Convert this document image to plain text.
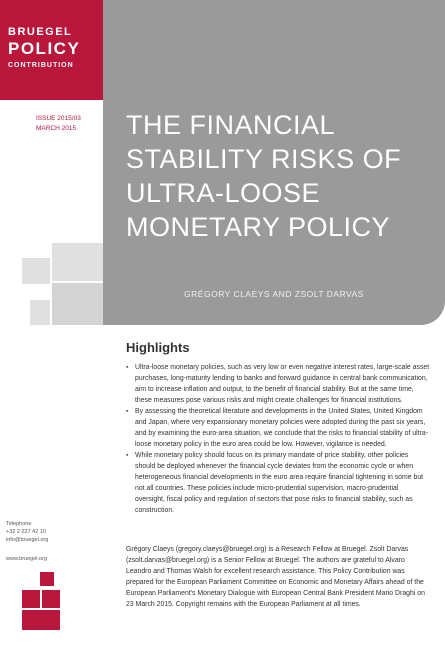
BRUEGEL
POLICY
CONTRIBUTION
ISSUE 2015/03
MARCH 2015	THE FINANCIAL STABILITY RISKS OF ULTRA-LOOSE MONETARY POLICY
GRÉGORY CLAEYS AND ZSOLT DARVAS
Telephone
+32 2 227 42 10
info@bruegel.org
www.bruegel.org
Highlights
▪ Ultra-loose monetary policies, such as very low or even negative interest rates, large-scale asset purchases, long-maturity lending to banks and forward guidance in central bank communication, aim to increase inflation and output, to the benefit of financial stability. But at the same time, these measures pose various risks and might create challenges for financial institutions.
▪ By assessing the theoretical literature and developments in the United States, United Kingdom and Japan, where very expansionary monetary policies were adopted during the past six years, and by examining the euro-area situation, we conclude that the risks to financial stability of ultra-loose monetary policy in the euro area could be low. However, vigilance is needed.
▪ While monetary policy should focus on its primary mandate of price stability, other policies should be deployed whenever the financial cycle deviates from the economic cycle or when heterogeneous financial developments in the euro area require financial tightening in some but not all countries. These policies include micro-prudential supervision, macro-prudential oversight, fiscal policy and regulation of sectors that pose risks to financial stability, such as construction.

Grégory Claeys (gregory.claeys@bruegel.org) is a Research Fellow at Bruegel. Zsolt Darvas (zsolt.darvas@bruegel.org) is a Senior Fellow at Bruegel. The authors are grateful to Alvaro Leandro and Thomas Walsh for excellent research assistance. This Policy Contribution was prepared for the European Parliament Committee on Economic and Monetary Affairs ahead of the European Parliament's Monetary Dialogue with European Central Bank President Mario Draghi on 23 March 2015. Copyright remains with the European Parliament at all times.
